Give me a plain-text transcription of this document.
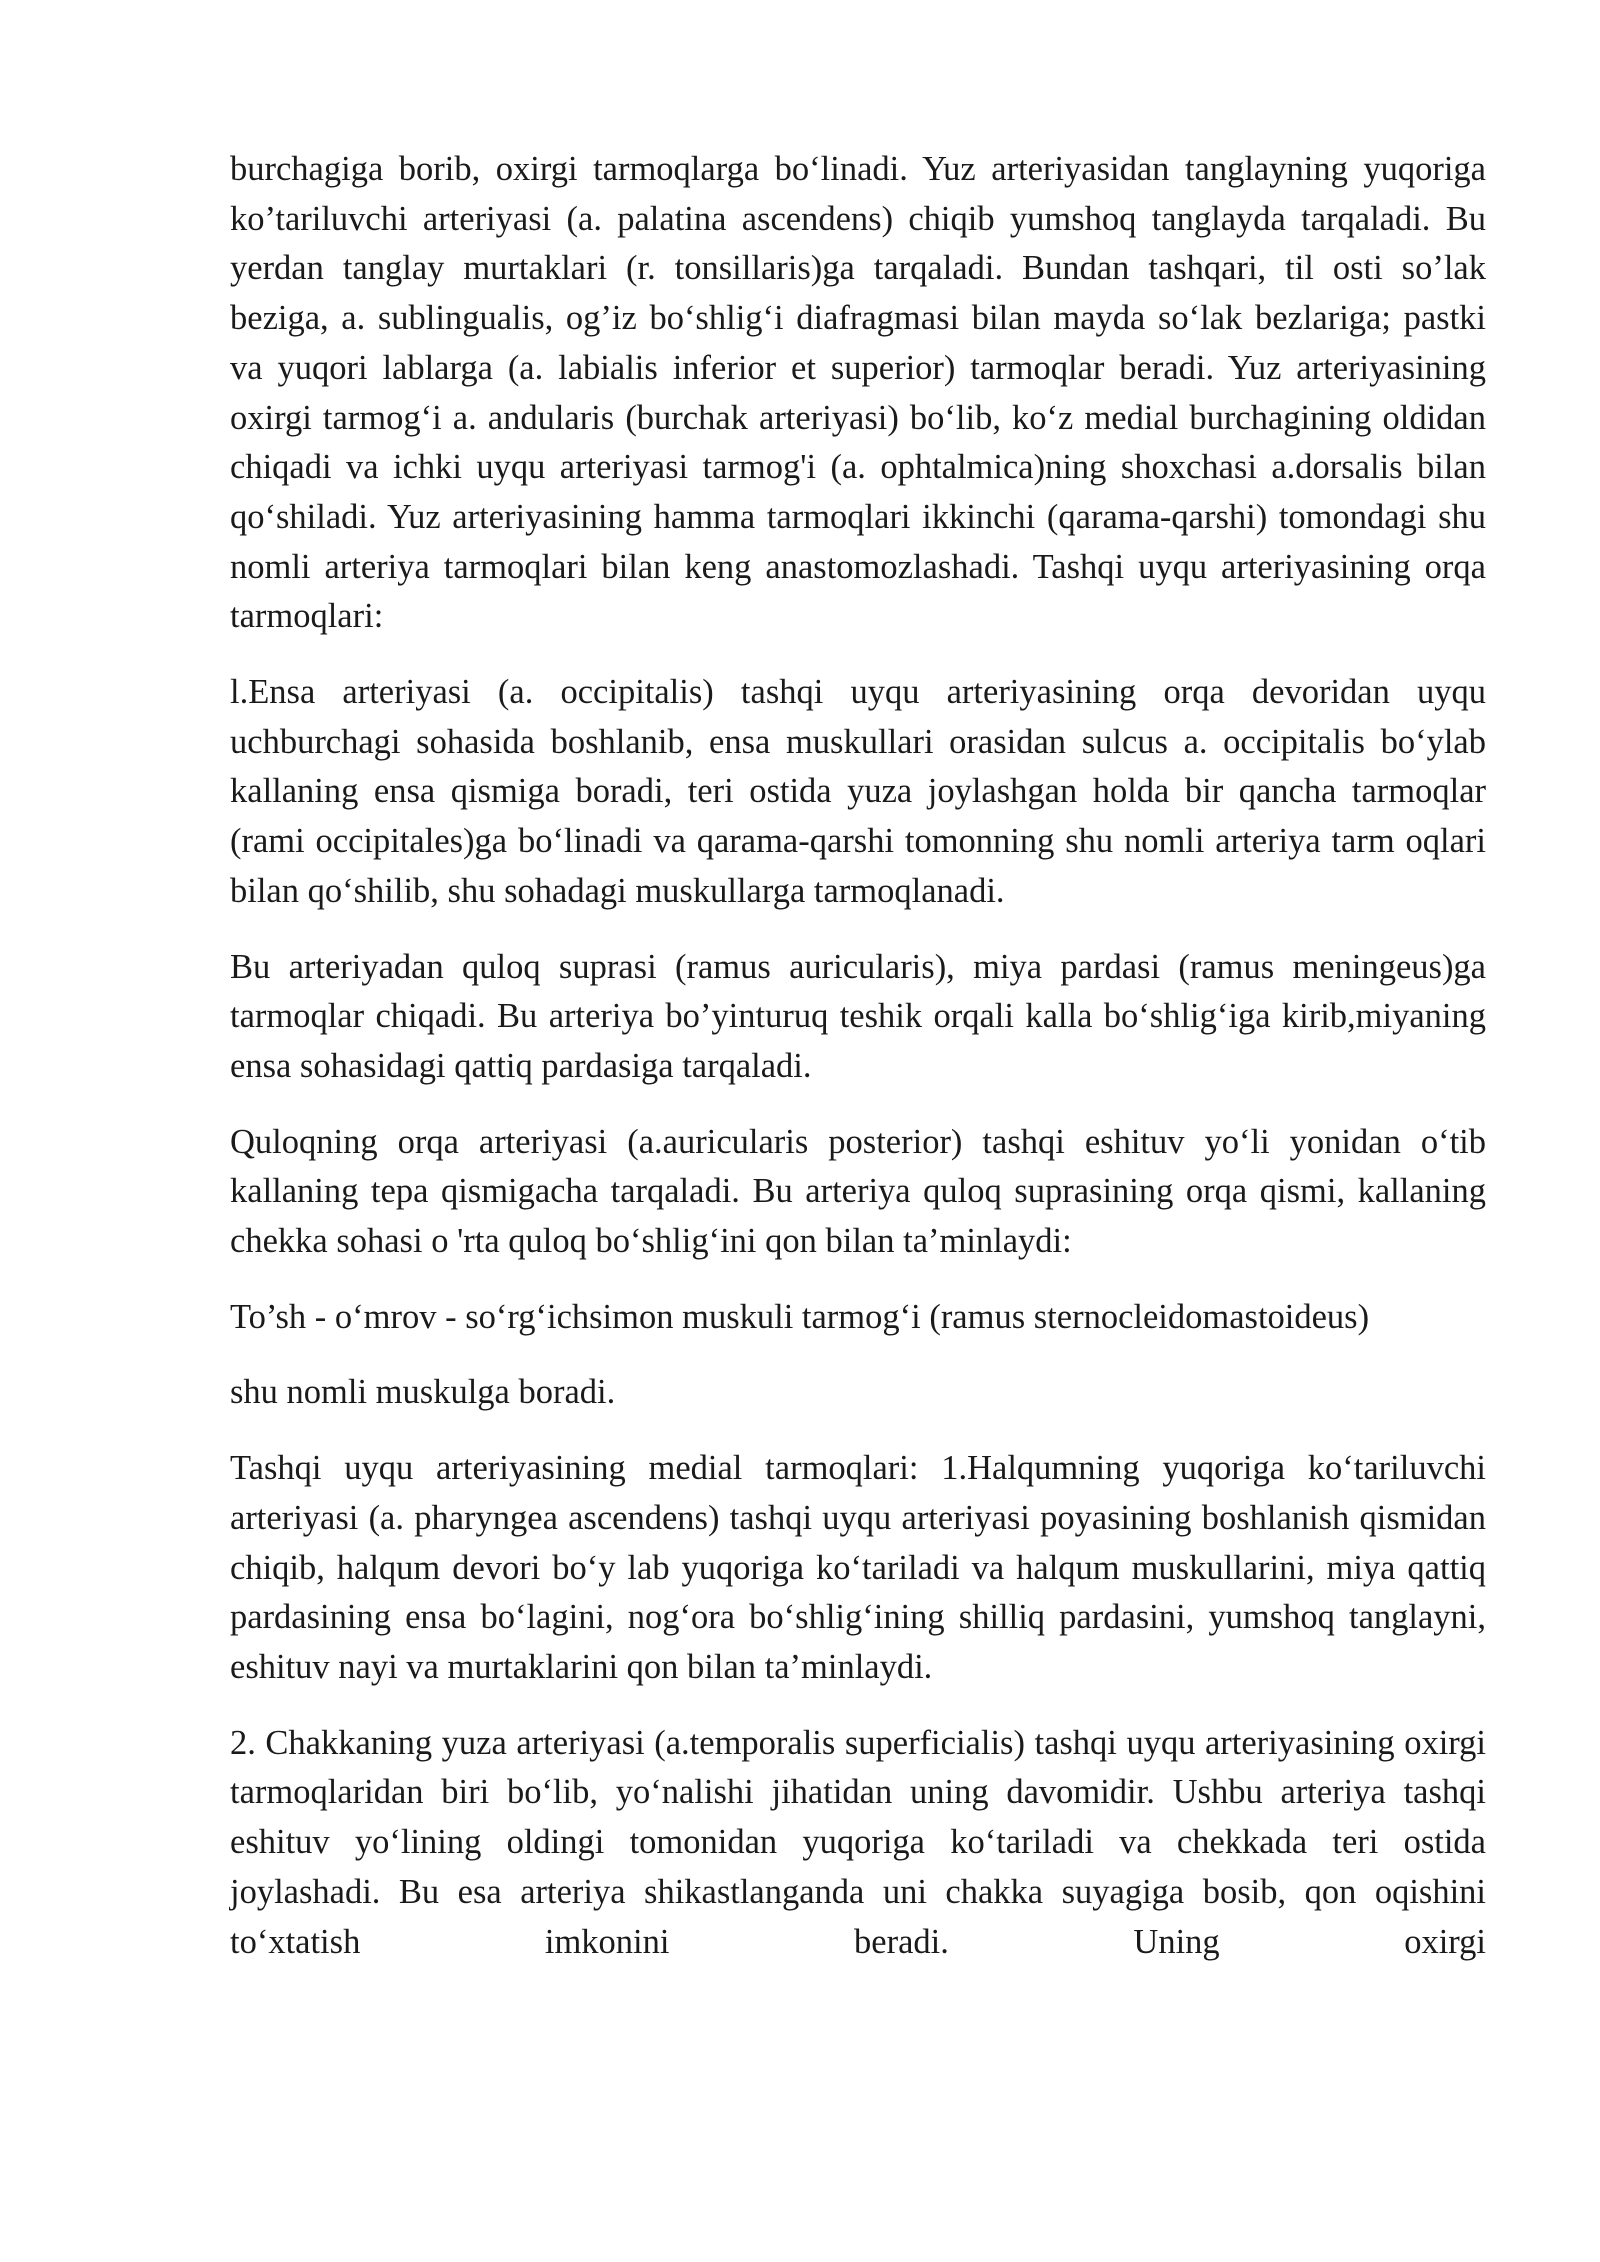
burchagiga borib, oxirgi tarmoqlarga bo‘linadi. Yuz arteriyasidan tanglayning yuqoriga ko’tariluvchi arteriyasi (a. palatina ascendens) chiqib yumshoq tanglayda tarqaladi. Bu yerdan tanglay murtaklari (r. tonsillaris)ga tarqaladi. Bundan tashqari, til osti so’lak beziga, a. sublingualis, og’iz bo‘shlig‘i diafragmasi bilan mayda so‘lak bezlariga; pastki va yuqori lablarga (a. labialis inferior et superior) tarmoqlar beradi. Yuz arteriyasining oxirgi tarmog‘i a. andularis (burchak arteriyasi) bo‘lib, ko‘z medial burchagining oldidan chiqadi va ichki uyqu arteriyasi tarmog'i (a. ophtalmica)ning shoxchasi a.dorsalis bilan qo‘shiladi. Yuz arteriyasining hamma tarmoqlari ikkinchi (qarama-qarshi) tomondagi shu nomli arteriya tarmoqlari bilan keng anastomozlashadi. Tashqi uyqu arteriyasining orqa tarmoqlari:

l.Ensa arteriyasi (a. occipitalis) tashqi uyqu arteriyasining orqa devoridan uyqu uchburchagi sohasida boshlanib, ensa muskullari orasidan sulcus a. occipitalis bo‘ylab kallaning ensa qismiga boradi, teri ostida yuza joylashgan holda bir qancha tarmoqlar (rami occipitales)ga bo‘linadi va qarama-qarshi tomonning shu nomli arteriya tarm oqlari bilan qo‘shilib, shu sohadagi muskullarga tarmoqlanadi.

Bu arteriyadan quloq suprasi (ramus auricularis), miya pardasi (ramus meningeus)ga tarmoqlar chiqadi. Bu arteriya bo’yinturuq teshik orqali kalla bo‘shlig‘iga kirib,miyaning ensa sohasidagi qattiq pardasiga tarqaladi.

Quloqning orqa arteriyasi (a.auricularis posterior) tashqi eshituv yo‘li yonidan o‘tib kallaning tepa qismigacha tarqaladi. Bu arteriya quloq suprasining orqa qismi, kallaning chekka sohasi o 'rta quloq bo‘shlig‘ini qon bilan ta’minlaydi:

To’sh - o‘mrov - so‘rg‘ichsimon muskuli tarmog‘i (ramus sternocleidomastoideus)

shu nomli muskulga boradi.

Tashqi uyqu arteriyasining medial tarmoqlari: 1.Halqumning yuqoriga ko‘tariluvchi arteriyasi (a. pharyngea ascendens) tashqi uyqu arteriyasi poyasining boshlanish qismidan chiqib, halqum devori bo‘y lab yuqoriga ko‘tariladi va halqum muskullarini, miya qattiq pardasining ensa bo‘lagini, nog‘ora bo‘shlig‘ining shilliq pardasini, yumshoq tanglayni, eshituv nayi va murtaklarini qon bilan ta’minlaydi.

2. Chakkaning yuza arteriyasi (a.temporalis superficialis) tashqi uyqu arteriyasining oxirgi tarmoqlaridan biri bo‘lib, yo‘nalishi jihatidan uning davomidir. Ushbu arteriya tashqi eshituv yo‘lining oldingi tomonidan yuqoriga ko‘tariladi va chekkada teri ostida joylashadi. Bu esa arteriya shikastlanganda uni chakka suyagiga bosib, qon oqishini to‘xtatish imkonini beradi. Uning oxirgi
